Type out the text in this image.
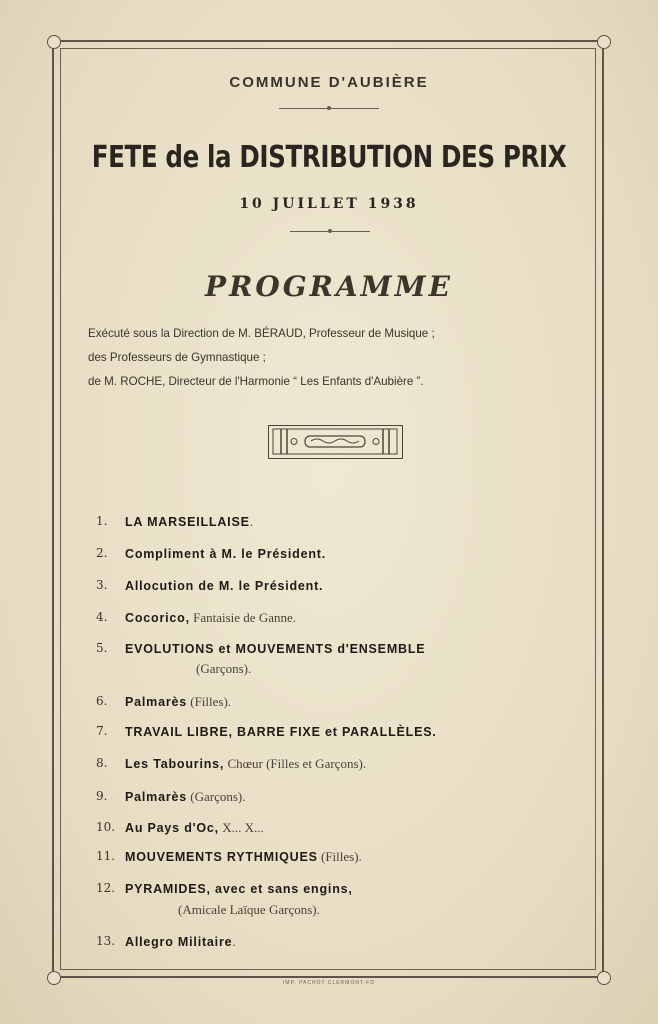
COMMUNE D'AUBIÈRE
FETE de la DISTRIBUTION DES PRIX
10 JUILLET 1938
PROGRAMME
Exécuté sous la Direction de M. BÉRAUD, Professeur de Musique ;
des Professeurs de Gymnastique ;
de M. ROCHE, Directeur de l'Harmonie “ Les Enfants d'Aubière ”.
1.	LA MARSEILLAISE.
2.	Compliment à M. le Président.
3.	Allocution de M. le Président.
4.	Cocorico, Fantaisie de Ganne.
5.	EVOLUTIONS et MOUVEMENTS d'ENSEMBLE
(Garçons).
6.	Palmarès (Filles).
7.	TRAVAIL LIBRE, BARRE FIXE et PARALLÈLES.
8.	Les Tabourins, Chœur (Filles et Garçons).
9.	Palmarès (Garçons).
10. Au Pays d'Oc, X... X...
11. MOUVEMENTS RYTHMIQUES (Filles).
12. PYRAMIDES, avec et sans engins,
(Amicale Laïque Garçons).
13. Allegro Militaire.
IMP. PACHOT CLERMONT-FD
